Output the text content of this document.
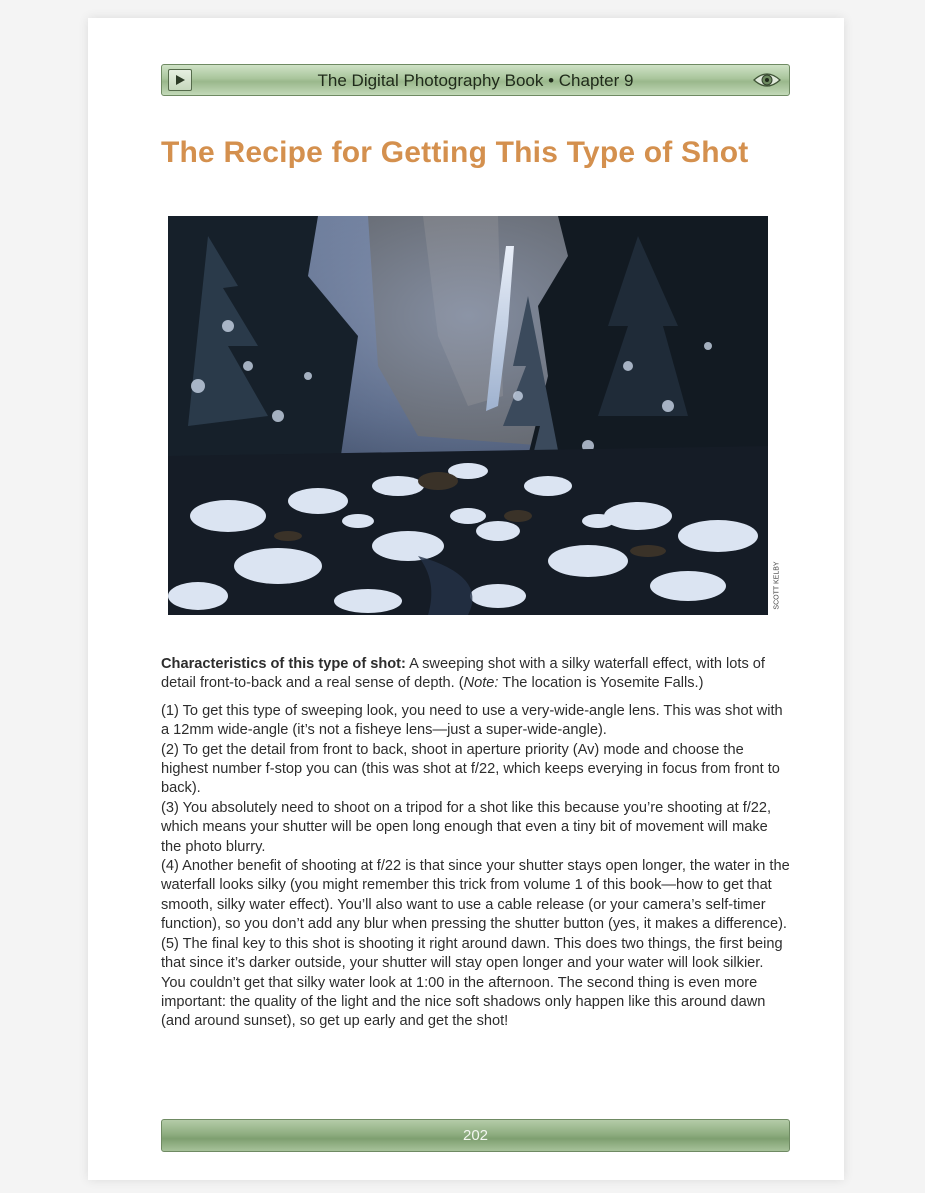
The Digital Photography Book • Chapter 9
The Recipe for Getting This Type of Shot
SCOTT KELBY

Characteristics of this type of shot: A sweeping shot with a silky waterfall effect, with lots of detail front-to-back and a real sense of depth. (Note: The location is Yosemite Falls.)

(1) To get this type of sweeping look, you need to use a very-wide-angle lens. This was shot with a 12mm wide-angle (it’s not a fisheye lens—just a super-wide-angle).

(2) To get the detail from front to back, shoot in aperture priority (Av) mode and choose the highest number f-stop you can (this was shot at f/22, which keeps everying in focus from front to back).

(3) You absolutely need to shoot on a tripod for a shot like this because you’re shooting at f/22, which means your shutter will be open long enough that even a tiny bit of movement will make the photo blurry.

(4) Another benefit of shooting at f/22 is that since your shutter stays open longer, the water in the waterfall looks silky (you might remember this trick from volume 1 of this book—how to get that smooth, silky water effect). You’ll also want to use a cable release (or your camera’s self-timer function), so you don’t add any blur when pressing the shutter button (yes, it makes a difference).

(5) The final key to this shot is shooting it right around dawn. This does two things, the first being that since it’s darker outside, your shutter will stay open longer and your water will look silkier. You couldn’t get that silky water look at 1:00 in the afternoon. The second thing is even more important: the quality of the light and the nice soft shadows only happen like this around dawn (and around sunset), so get up early and get the shot!

202
